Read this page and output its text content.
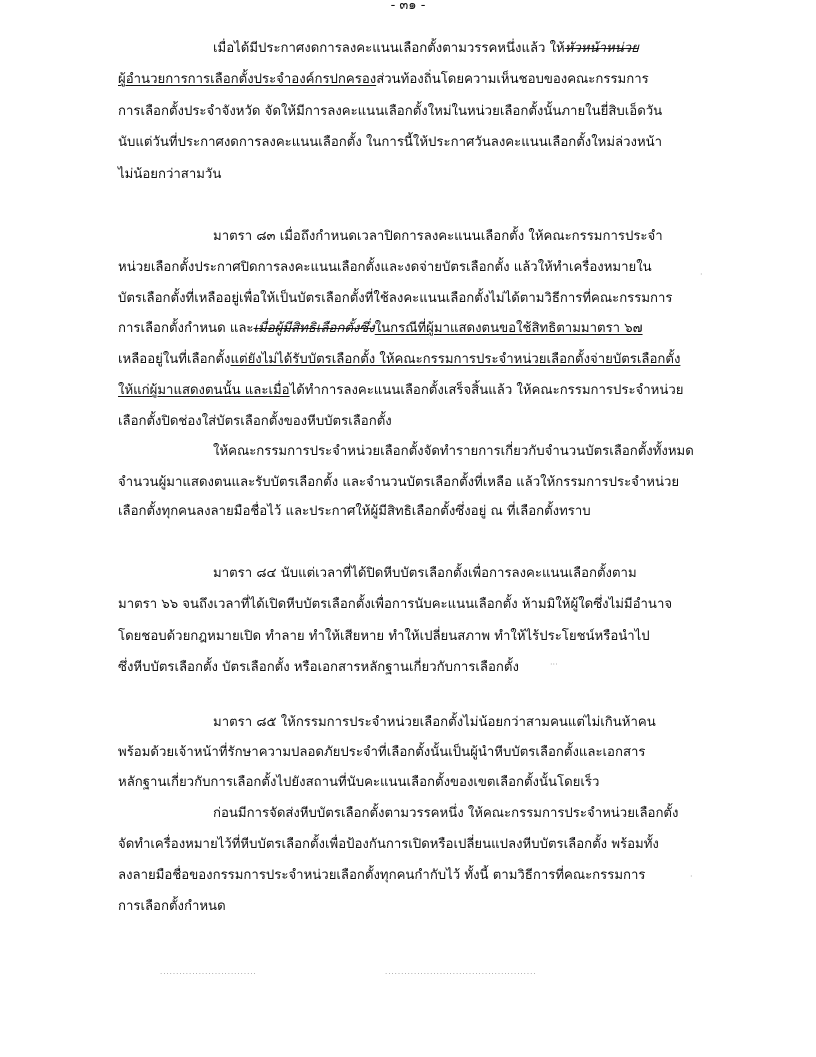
- ๓๑ -
เมื่อได้มีประกาศงดการลงคะแนนเลือกตั้งตามวรรคหนึ่งแล้ว ให้หัวหน้าหน่วย
ผู้อำนวยการการเลือกตั้งประจำองค์กรปกครองส่วนท้องถิ่นโดยความเห็นชอบของคณะกรรมการ
การเลือกตั้งประจำจังหวัด จัดให้มีการลงคะแนนเลือกตั้งใหม่ในหน่วยเลือกตั้งนั้นภายในยี่สิบเอ็ดวัน
นับแต่วันที่ประกาศงดการลงคะแนนเลือกตั้ง ในการนี้ให้ประกาศวันลงคะแนนเลือกตั้งใหม่ล่วงหน้า
ไม่น้อยกว่าสามวัน
มาตรา ๘๓ เมื่อถึงกำหนดเวลาปิดการลงคะแนนเลือกตั้ง ให้คณะกรรมการประจำ
หน่วยเลือกตั้งประกาศปิดการลงคะแนนเลือกตั้งและงดจ่ายบัตรเลือกตั้ง แล้วให้ทำเครื่องหมายใน
บัตรเลือกตั้งที่เหลืออยู่เพื่อให้เป็นบัตรเลือกตั้งที่ใช้ลงคะแนนเลือกตั้งไม่ได้ตามวิธีการที่คณะกรรมการ
การเลือกตั้งกำหนด และเมื่อผู้มีสิทธิเลือกตั้งซึ่งในกรณีที่ผู้มาแสดงตนขอใช้สิทธิตามมาตรา ๖๗
เหลืออยู่ในที่เลือกตั้งแต่ยังไม่ได้รับบัตรเลือกตั้ง ให้คณะกรรมการประจำหน่วยเลือกตั้งจ่ายบัตรเลือกตั้ง
ให้แก่ผู้มาแสดงตนนั้น และเมื่อได้ทำการลงคะแนนเลือกตั้งเสร็จสิ้นแล้ว ให้คณะกรรมการประจำหน่วย
เลือกตั้งปิดช่องใส่บัตรเลือกตั้งของหีบบัตรเลือกตั้ง
ให้คณะกรรมการประจำหน่วยเลือกตั้งจัดทำรายการเกี่ยวกับจำนวนบัตรเลือกตั้งทั้งหมด
จำนวนผู้มาแสดงตนและรับบัตรเลือกตั้ง และจำนวนบัตรเลือกตั้งที่เหลือ แล้วให้กรรมการประจำหน่วย
เลือกตั้งทุกคนลงลายมือชื่อไว้ และประกาศให้ผู้มีสิทธิเลือกตั้งซึ่งอยู่ ณ ที่เลือกตั้งทราบ
มาตรา ๘๔ นับแต่เวลาที่ได้ปิดหีบบัตรเลือกตั้งเพื่อการลงคะแนนเลือกตั้งตาม
มาตรา ๖๖ จนถึงเวลาที่ได้เปิดหีบบัตรเลือกตั้งเพื่อการนับคะแนนเลือกตั้ง ห้ามมิให้ผู้ใดซึ่งไม่มีอำนาจ
โดยชอบด้วยกฎหมายเปิด ทำลาย ทำให้เสียหาย ทำให้เปลี่ยนสภาพ ทำให้ไร้ประโยชน์หรือนำไป
ซึ่งหีบบัตรเลือกตั้ง บัตรเลือกตั้ง หรือเอกสารหลักฐานเกี่ยวกับการเลือกตั้ง
มาตรา ๘๕ ให้กรรมการประจำหน่วยเลือกตั้งไม่น้อยกว่าสามคนแต่ไม่เกินห้าคน
พร้อมด้วยเจ้าหน้าที่รักษาความปลอดภัยประจำที่เลือกตั้งนั้นเป็นผู้นำหีบบัตรเลือกตั้งและเอกสาร
หลักฐานเกี่ยวกับการเลือกตั้งไปยังสถานที่นับคะแนนเลือกตั้งของเขตเลือกตั้งนั้นโดยเร็ว
ก่อนมีการจัดส่งหีบบัตรเลือกตั้งตามวรรคหนึ่ง ให้คณะกรรมการประจำหน่วยเลือกตั้ง
จัดทำเครื่องหมายไว้ที่หีบบัตรเลือกตั้งเพื่อป้องกันการเปิดหรือเปลี่ยนแปลงหีบบัตรเลือกตั้ง พร้อมทั้ง
ลงลายมือชื่อของกรรมการประจำหน่วยเลือกตั้งทุกคนกำกับไว้ ทั้งนี้ ตามวิธีการที่คณะกรรมการ
การเลือกตั้งกำหนด
..............................	...............................................
·
·
···
